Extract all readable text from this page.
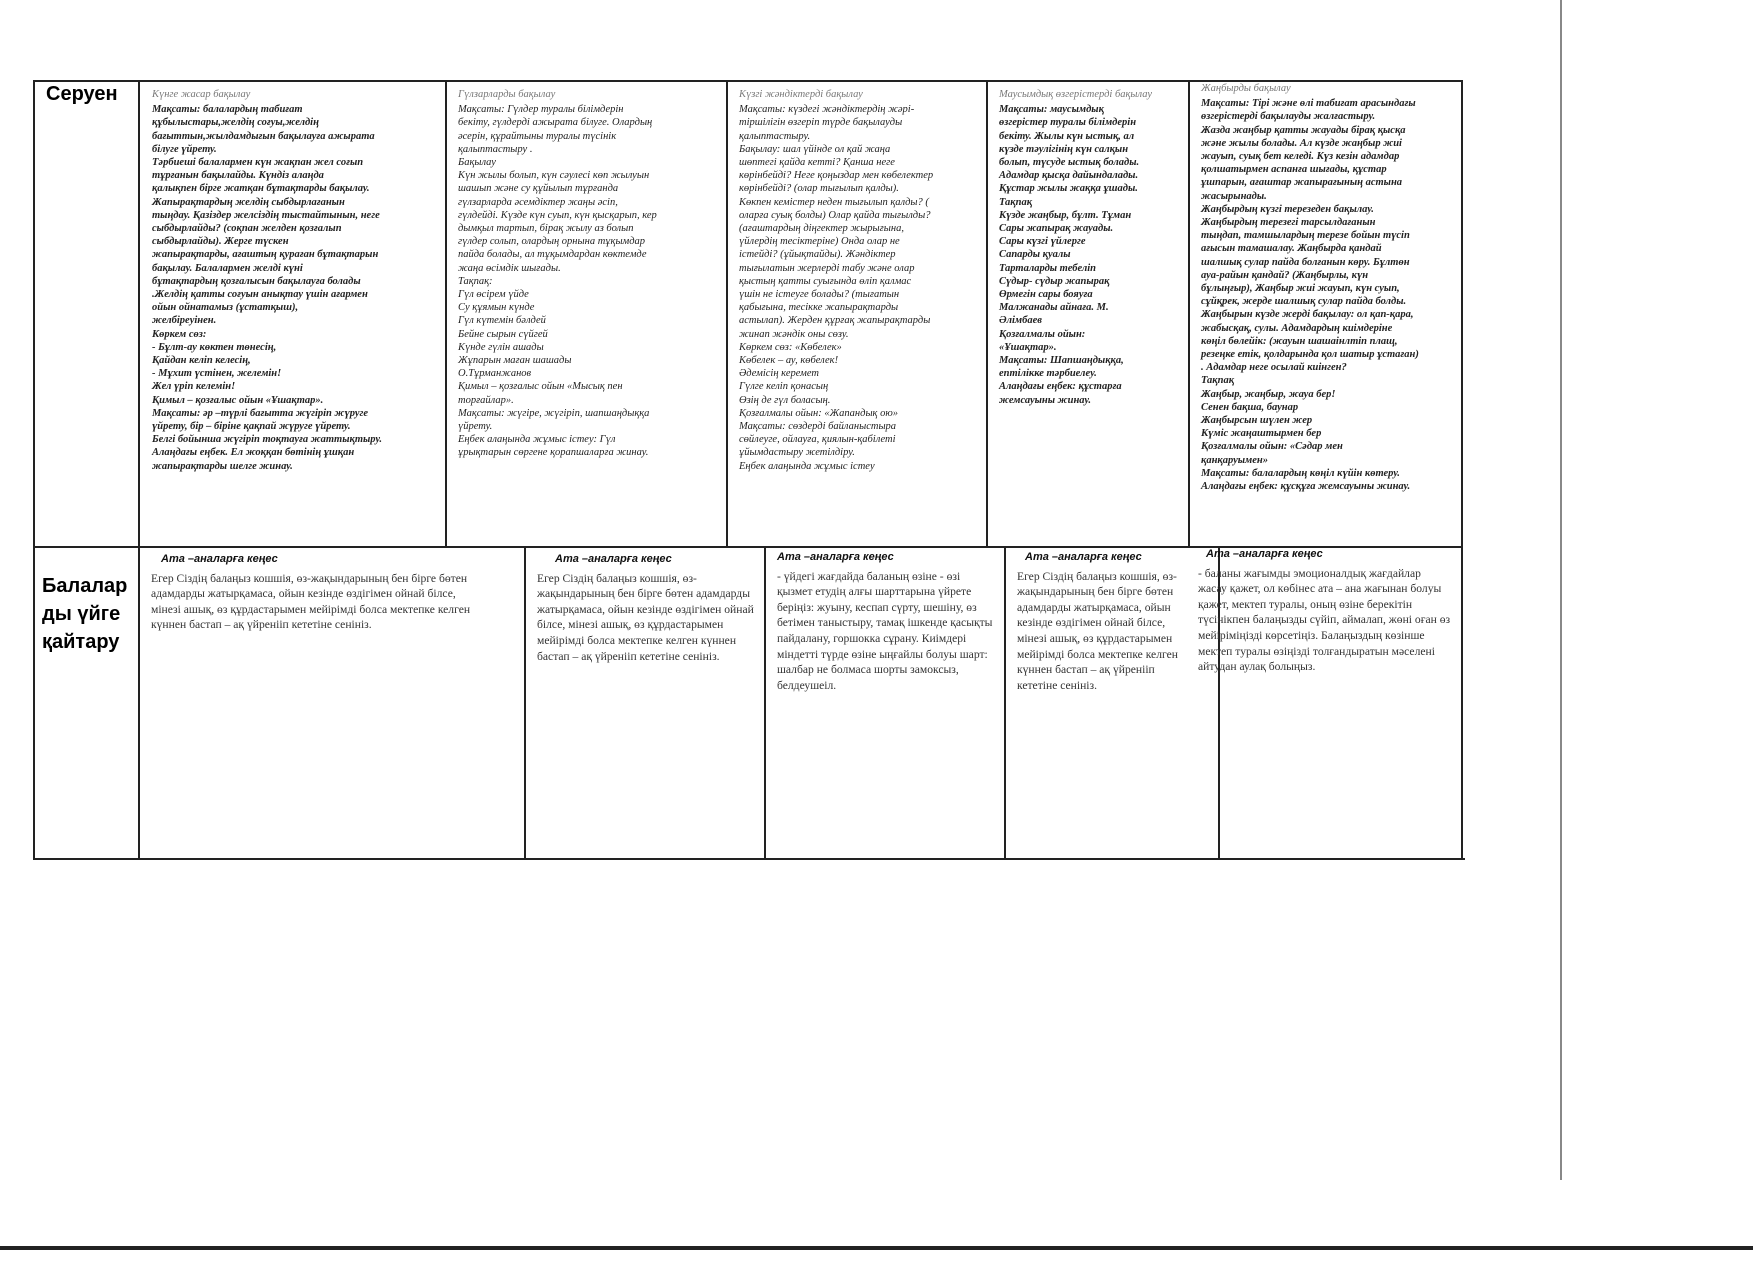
Серуен
Балалар
ды үйге
қайтару

Күнге жасар бақылау

Мақсаты: балалардың табиғат

құбылыстары,желдің соғуы,желдің

бағыттын,жылдамдығын бақылауға ажырата

білуге үйрету.

Тәрбиеші балалармен күн жақпан жел соғып

тұрғанын бақылайды. Күндіз алаңда

қалықпен бірге жатқан бұтақтарды бақылау.

Жапырақтардың желдің сыбдырлағанын

тыңдау. Қазіздер желсіздің тыстайтынын, неге

сыбдырлайды? (соқпан желден қозғалып

сыбдырлайды). Жерге түскен

жапырақтарды, ағаштың қураған бұтақтарын

бақылау. Балалармен желді күні

бұтақтардың қозғалысын бақылауға болады

.Желдің қатты соғуын анықтау үшін ағармен

ойын ойнатамыз (ұстатқыш),

желбіреуінен.

Көркем сөз:

- Бұлт-ау көктен төнесің,

Қайдан келіп келесің,

- Мұхит үстінен, желемін!

Жел үріп келемін!

Қимыл – қозғалыс ойын «Ұшақтар».

Мақсаты: әр –түрлі бағытта жүгіріп жүруге

үйрету, бір – біріне қақпай жүруге үйрету.

Белгі бойынша жүгіріп тоқтауға жаттықтыру.

Алаңдағы еңбек. Ел жоққан бөтінің ұшқан

жапырақтарды шелге жинау.

Гүлзарларды бақылау

Мақсаты: Гүлдер туралы білімдерін

бекіту, гүлдерді ажырата білуге. Олардың

әсерін, құрайтыны туралы түсінік

қалыптастыру .

Бақылау

Күн жылы болып, күн сәулесі көп жылуын

шашып және су құйылып тұрғанда

гүлзарларда әсемдіктер жаңы әсіп,

гүлдейді. Күзде күн суып, күн қысқарып, кер

дымқыл тартып, бірақ жылу аз болып

гүлдер солып, олардың орнына тұқымдар

пайда болады, ал тұқымдардан көктемде

жаңа өсімдік шығады.

Тақпақ:

Гүл өсірем үйде

Су құямын күнде

Гүл күтемін бәлдей

Бейне сырын сүйгей

Күнде гүлін ашады

Жұпарын маған шашады

О.Тұрманжанов

Қимыл – қозғалыс ойын «Мысық пен

торғайлар».

Мақсаты: жүгіре, жүгіріп, шапшаңдыққа

үйрету.

Еңбек алаңында жұмыс істеу: Гүл

ұрықтарын сөргене қорапшаларға жинау.

Күзгі жәндіктерді бақылау

Мақсаты: күздегі жәндіктердің жәрі-

тіршілігін өзгеріп түрде бақылауды

қалыптастыру.

Бақылау: шал үйінде ол қай жаңа

шөптегі қайда кетті? Қанша неге

көрінбейді? Неге қоңыздар мен көбелектер

көрінбейді? (олар тығылып қалды).

Көкпен кемістер неден тығылып қалды? (

оларға суық болды) Олар қайда тығылды?

(ағаштардың діңгектер жырығына,

үйлердің тесіктеріне) Онда олар не

істейді? (ұйықтайды). Жәндіктер

тығылатын жерлерді табу және олар

қыстың қатты суығында өліп қалмас

үшін не істеуге болады? (тығатын

қабығына, тесікке жапырақтарды

астылап). Жерден құрғақ жапырақтарды

жинап жәндік оны сөзу.

Көркем сөз: «Көбелек»

Көбелек – ау, көбелек!

Әдемісің керемет

Гүлге келіп қонасың

Өзің де гүл боласың.

Қозғалмалы ойын: «Жапандық ою»

Мақсаты: сөздерді байланыстыра

сөйлеуге, ойлауға, қиялын-қабілеті

ұйымдастыру жетілдіру.

Еңбек алаңында жұмыс істеу

Маусымдық өзгерістерді бақылау

Мақсаты: маусымдық

өзгерістер туралы білімдерін

бекіту. Жылы күн ыстық, ал

күзде тәулігінің күн салқын

болып, түсуде ыстық болады.

Адамдар қысқа дайындалады.

Құстар жылы жаққа ұшады.

Тақпақ

Күзде жаңбыр, бұлт. Тұман

Сары жапырақ жауады.

Сары күзгі үйлерге

Сапарды қуалы

Тарталарды тебеліп

Сүдыр- сүдыр жапырақ

Өрмегін сары бояуға

Малжанады айнаға. М.

Әлімбаев

Қозғалмалы ойын:

«Ұшақтар».

Мақсаты: Шапшаңдыққа,

ептілікке тәрбиелеу.

Алаңдағы еңбек: құстарға

жемсауыны жинау.

Жаңбырды бақылау

Мақсаты: Тірі және өлі табиғат арасындағы

өзгерістерді бақылауды жалғастыру.

Жазда жаңбыр қатты жауады бірақ қысқа

және жылы болады. Ал күзде жаңбыр жиі

жауып, суық бет келеді. Күз кезін адамдар

қолшатырмен аспанға шығады, құстар

ұшпарын, ағаштар жапырағының астына

жасырынады.

Жаңбырдың күзгі терезеден бақылау.

Жаңбырдың терезегі тарсылдағанын

тыңдап, тамшылардың терезе бойын түсіп

ағысын тамашалау. Жаңбырда қандай

шалшық сулар пайда болғанын көру. Бұлтөн

ауа-райын қандай? (Жаңбырлы, күн

бұлыңғыр), Жаңбыр жиі жауып, күн суып,

сұйқрек, жерде шалшық сулар пайда болды.

Жаңбырын күзде жерді бақылау: ол қап-қара,

жабысқақ, сулы. Адамдардың киімдеріне

көңіл бөлейік: (жауын шашаінлтіп плащ,

резеңке етік, қолдарында қол шатыр ұстаған)

. Адамдар неге осылай киінген?

Тақпақ

Жаңбыр, жаңбыр, жауа бер!

Сенен бақша, баунар

Жаңбырсын шүлен жер

Күміс жаңаштырмен бер

Қозғалмалы ойын: «Сәдар мен

қанқаруымен»

Мақсаты: балалардың көңіл күйін көтеру.

Алаңдағы еңбек: құсқұға жемсауыны жинау.

Ата –аналарға кеңес

Егер Сіздің балаңыз кошшія, өз-жақындарының бен бірге бөтен адамдарды жатырқамаса, ойын кезінде өздігімен ойнай білсе, мінезі ашық, өз құрдастарымен мейірімді болса мектепке келген күннен бастап – ақ үйренііп кететіне сенініз.

Ата –аналарға кеңес

Егер Сіздің балаңыз кошшія, өз-жақындарының бен бірге бөтен адамдарды жатырқамаса, ойын кезінде өздігімен ойнай білсе, мінезі ашық, өз құрдастарымен мейірімді болса мектепке келген күннен бастап – ақ үйренііп кететіне сенініз.

Ата –аналарға кеңес

- үйдегі жағдайда баланың өзіне - өзі қызмет етудің алғы шарттарына үйрете беріңіз: жуыну, кеспап сүрту, шешіну, өз бетімен таныстыру, тамақ ішкенде қасықты пайдалану, горшокка сұрану. Киімдері міндетті түрде өзіне ыңғайлы болуы шарт: шалбар не болмаса шорты замоксыз, белдеушеіл.

Ата –аналарға кеңес

Егер Сіздің балаңыз кошшія, өз-жақындарының бен бірге бөтен адамдарды жатырқамаса, ойын кезінде өздігімен ойнай білсе, мінезі ашық, өз құрдастарымен мейірімді болса мектепке келген күннен бастап – ақ үйренііп кететіне сенініз.

Ата –аналарға кеңес

- баланы жағымды эмоционалдық жағдайлар жасау қажет, ол көбінес ата – ана жағынан болуы қажет, мектеп туралы, оның өзіне берекітін түсінікпен балаңызды сүйіп, аймалап, жөні оған өз мейіріміңізді көрсетіңіз. Балаңыздың көзінше мектеп туралы өзіңізді толғандыратын мәселені айтудан аулақ болыңыз.
